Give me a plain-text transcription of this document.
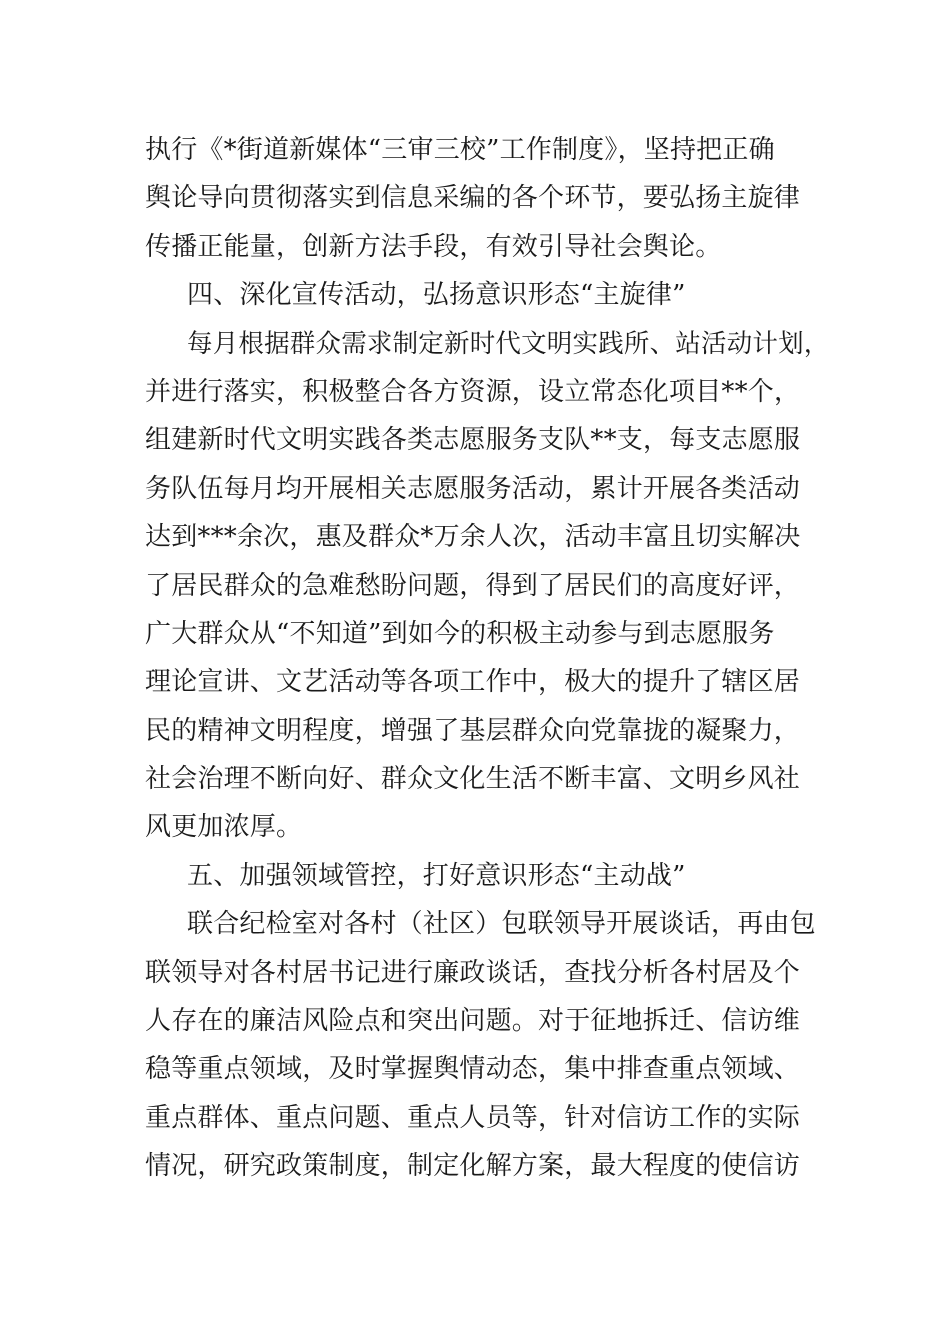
执行《*街道新媒体“三审三校”工作制度》，坚持把正确
舆论导向贯彻落实到信息采编的各个环节，要弘扬主旋律
传播正能量，创新方法手段，有效引导社会舆论。
四、深化宣传活动，弘扬意识形态“主旋律”
每月根据群众需求制定新时代文明实践所、站活动计划，
并进行落实，积极整合各方资源，设立常态化项目**个，
组建新时代文明实践各类志愿服务支队**支，每支志愿服
务队伍每月均开展相关志愿服务活动，累计开展各类活动
达到***余次，惠及群众*万余人次，活动丰富且切实解决
了居民群众的急难愁盼问题，得到了居民们的高度好评，
广大群众从“不知道”到如今的积极主动参与到志愿服务
理论宣讲、文艺活动等各项工作中，极大的提升了辖区居
民的精神文明程度，增强了基层群众向党靠拢的凝聚力，
社会治理不断向好、群众文化生活不断丰富、文明乡风社
风更加浓厚。
五、加强领域管控，打好意识形态“主动战”
联合纪检室对各村（社区）包联领导开展谈话，再由包
联领导对各村居书记进行廉政谈话，查找分析各村居及个
人存在的廉洁风险点和突出问题。对于征地拆迁、信访维
稳等重点领域，及时掌握舆情动态，集中排查重点领域、
重点群体、重点问题、重点人员等，针对信访工作的实际
情况，研究政策制度，制定化解方案，最大程度的使信访
